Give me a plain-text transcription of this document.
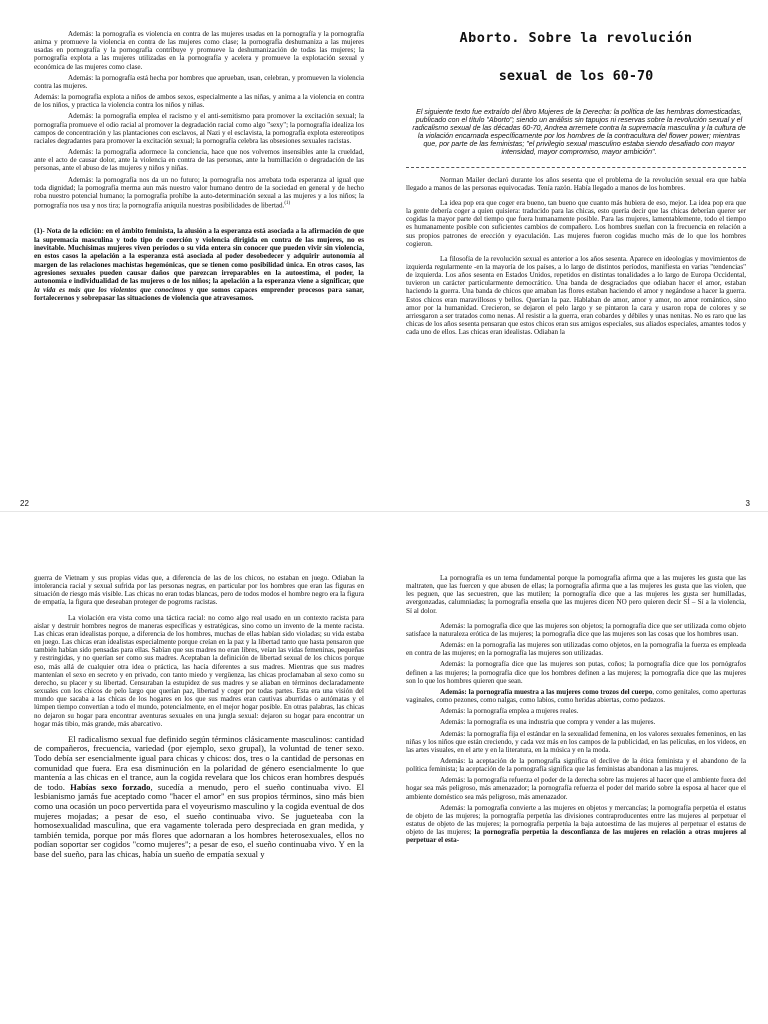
Además: la pornografía es violencia en contra de las mujeres usadas en la pornografía y la pornografía anima y promueve la violencia en contra de las mujeres como clase; la pornografía deshumaniza a las mujeres usadas en pornografía y la pornografía contribuye y promueve la deshumanización de todas las mujeres; la pornografía explota a las mujeres utilizadas en la pornografía y acelera y promueve la explotación sexual y económica de las mujeres como clase.

Además: la pornografía está hecha por hombres que aprueban, usan, celebran, y promueven la violencia contra las mujeres.

Además: la pornografía explota a niños de ambos sexos, especialmente a las niñas, y anima a la violencia en contra de los niños, y practica la violencia contra los niños y niñas.

Además: la pornografía emplea el racismo y el anti-semitismo para promover la excitación sexual; la pornografía promueve el odio racial al promover la degradación racial como algo "sexy"; la pornografía idealiza los campos de concentración y las plantaciones con esclavos, al Nazi y el esclavista, la pornografía explota estereotipos raciales degradantes para promover la excitación sexual; la pornografía celebra las obsesiones sexuales racistas.

Además: la pornografía adormece la conciencia, hace que nos volvemos insensibles ante la crueldad, ante el acto de causar dolor, ante la violencia en contra de las personas, ante la humillación o degradación de las personas, ante el abuso de las mujeres y niños y niñas.

Además: la pornografía nos da un no futuro; la pornografía nos arrebata toda esperanza al igual que toda dignidad; la pornografía merma aun más nuestro valor humano dentro de la sociedad en general y de hecho roba nuestro potencial humano; la pornografía prohíbe la auto-determinación sexual a las mujeres y a los niños; la pornografía nos usa y nos tira; la pornografía aniquila nuestras posibilidades de libertad.$^{(1)}$

(1)- Nota de la edición: en el ámbito feminista, la alusión a la esperanza está asociada a la afirmación de que la supremacía masculina y todo tipo de coerción y violencia dirigida en contra de las mujeres, no es inevitable. Muchísimas mujeres viven períodos o su vida entera sin conocer que pueden vivir sin violencia, en estos casos la apelación a la esperanza está asociada al poder desobedecer y adquirir autonomía al margen de las relaciones machistas hegemónicas, que se tienen como posibilidad única. En otros casos, las agresiones sexuales pueden causar daños que parezcan irreparables en la autoestima, el poder, la autonomía e individualidad de las mujeres o de los niños; la apelación a la esperanza viene a significar, que la vida es más que los violentos que conocimos y que somos capaces emprender procesos para sanar, fortalecernos y sobrepasar las situaciones de violencia que atravesamos.

22
Aborto. Sobre la revolución
sexual de los 60-70

El siguiente texto fue extraído del libro Mujeres de la Derecha: la política de las hembras domesticadas, publicado con el título "Aborto"; siendo un análisis sin tapujos ni reservas sobre la revolución sexual y el radicalismo sexual de las décadas 60-70, Andrea arremete contra la supremacía masculina y la cultura de la violación encarnada específicamente por los hombres de la contracultura del flower power; mientras que, por parte de las feministas; "el privilegio sexual masculino estaba siendo desafiado con mayor intensidad, mayor compromiso, mayor ambición".

Norman Mailer declaró durante los años sesenta que el problema de la revolución sexual era que había llegado a manos de las personas equivocadas. Tenía razón. Había llegado a manos de los hombres.

La idea pop era que coger era bueno, tan bueno que cuanto más hubiera de eso, mejor. La idea pop era que la gente debería coger a quien quisiera: traducido para las chicas, esto quería decir que las chicas deberían querer ser cogidas la mayor parte del tiempo que fuera humanamente posible. Para las mujeres, lamentablemente, todo el tiempo es humanamente posible con suficientes cambios de compañero. Los hombres sueñan con la frecuencia en relación a sus propios patrones de erección y eyaculación. Las mujeres fueron cogidas mucho más de lo que los hombres cogieron.

La filosofía de la revolución sexual es anterior a los años sesenta. Aparece en ideologías y movimientos de izquierda regularmente -en la mayoría de los países, a lo largo de distintos períodos, manifiesta en varias "tendencias" de izquierda. Los años sesenta en Estados Unidos, repetidos en distintas tonalidades a lo largo de Europa Occidental, tuvieron un carácter particularmente democrático. Una banda de desgraciados que odiaban hacer el amor, estaban haciendo la guerra. Una banda de chicos que amaban las flores estaban haciendo el amor y negándose a hacer la guerra. Estos chicos eran maravillosos y bellos. Querían la paz. Hablaban de amor, amor y amor, no amor romántico, sino amor por la humanidad. Crecieron, se dejaron el pelo largo y se pintaron la cara y usaron ropa de colores y se arriesgaron a ser tratados como nenas. Al resistir a la guerra, eran cobardes y débiles y unas nenitas. No es raro que las chicas de los años sesenta pensaran que estos chicos eran sus amigos especiales, sus aliados especiales, amantes todos y cada uno de ellos. Las chicas eran idealistas. Odiaban la

3

guerra de Vietnam y sus propias vidas que, a diferencia de las de los chicos, no estaban en juego. Odiaban la intolerancia racial y sexual sufrida por las personas negras, en particular por los hombres que eran las figuras en situación de riesgo más visible. Las chicas no eran todas blancas, pero de todos modos el hombre negro era la figura de empatía, la figura que deseaban proteger de pogroms racistas.

La violación era vista como una táctica racial: no como algo real usado en un contexto racista para aislar y destruir hombres negros de maneras específicas y estratégicas, sino como un invento de la mente racista. Las chicas eran idealistas porque, a diferencia de los hombres, muchas de ellas habían sido violadas; su vida estaba en juego. Las chicas eran idealistas especialmente porque creían en la paz y la libertad tanto que hasta pensaron que también habían sido pensadas para ellas. Sabían que sus madres no eran libres, veían las vidas femeninas, pequeñas y restringidas, y no querían ser como sus madres. Aceptaban la definición de libertad sexual de los chicos porque eso, más allá de cualquier otra idea o práctica, las hacía diferentes a sus madres. Mientras que sus madres mantenían el sexo en secreto y en privado, con tanto miedo y vergüenza, las chicas proclamaban al sexo como su derecho, su placer y su libertad. Censuraban la estupidez de sus madres y se aliaban en términos declaradamente sexuales con los chicos de pelo largo que querían paz, libertad y coger por todas partes. Esta era una visión del mundo que sacaba a las chicas de los hogares en los que sus madres eran cautivas aburridas o autómatas y el lúmpen tiempo convertían a todo el mundo, potencialmente, en el mejor hogar posible. En otras palabras, las chicas no dejaron su hogar para encontrar aventuras sexuales en una jungla sexual: dejaron su hogar para encontrar un hogar más tibio, más grande, más abarcativo.

El radicalismo sexual fue definido según términos clásicamente masculinos: cantidad de compañeros, frecuencia, variedad (por ejemplo, sexo grupal), la voluntad de tener sexo. Todo debía ser esencialmente igual para chicas y chicos: dos, tres o la cantidad de personas en comunidad que fuera. Era esa disminución en la polaridad de género esencialmente lo que mantenía a las chicas en el trance, aun la cogida revelara que los chicos eran hombres después de todo. Habías sexo forzado, sucedía a menudo, pero el sueño continuaba vivo. El lesbianismo jamás fue aceptado como "hacer el amor" en sus propios términos, sino más bien como una ocasión un poco pervertida para el voyeurismo masculino y la cogida eventual de dos mujeres mojadas; a pesar de eso, el sueño continuaba vivo. Se jugueteaba con la homosexualidad masculina, que era vagamente tolerada pero despreciada en gran medida, y también temida, porque por más flores que adornaran a los hombres heterosexuales, ellos no podían soportar ser cogidos "como mujeres"; a pesar de eso, el sueño continuaba vivo. Y en la base del sueño, para las chicas, había un sueño de empatía sexual y

La pornografía es un tema fundamental porque la pornografía afirma que a las mujeres les gusta que las maltraten, que las fuercen y que abusen de ellas; la pornografía afirma que a las mujeres les gusta que las violen, que les peguen, que las secuestren, que las mutilen; la pornografía dice que a las mujeres les gusta ser humilladas, avergonzadas, calumniadas; la pornografía enseña que las mujeres dicen NO pero quieren decir SÍ – Sí a la violencia, Sí al dolor.

Además: la pornografía dice que las mujeres son objetos; la pornografía dice que ser utilizada como objeto satisface la naturaleza erótica de las mujeres; la pornografía dice que las mujeres son las cosas que los hombres usan.

Además: en la pornografía las mujeres son utilizadas como objetos, en la pornografía la fuerza es empleada en contra de las mujeres; en la pornografía las mujeres son utilizadas.

Además: la pornografía dice que las mujeres son putas, coños; la pornografía dice que los pornógrafos definen a las mujeres; la pornografía dice que los hombres definen a las mujeres; la pornografía dice que las mujeres son lo que los hombres quieren que sean.

Además: la pornografía muestra a las mujeres como trozos del cuerpo, como genitales, como aperturas vaginales, como pezones, como nalgas, como labios, como heridas abiertas, como pedazos.

Además: la pornografía emplea a mujeres reales.

Además: la pornografía es una industria que compra y vender a las mujeres.

Además: la pornografía fija el estándar en la sexualidad femenina, en los valores sexuales femeninos, en las niñas y los niños que están creciendo, y cada vez más en los campos de la publicidad, en las películas, en los videos, en las artes visuales, en el arte y en la literatura, en la música y en la moda.

Además: la aceptación de la pornografía significa el declive de la ética feminista y el abandono de la política feminista; la aceptación de la pornografía significa que las feministas abandonan a las mujeres.

Además: la pornografía refuerza el poder de la derecha sobre las mujeres al hacer que el ambiente fuera del hogar sea más peligroso, más amenazador; la pornografía refuerza el poder del marido sobre la esposa al hacer que el ambiente doméstico sea más peligroso, más amenazador.

Además: la pornografía convierte a las mujeres en objetos y mercancías; la pornografía perpetúa el estatus de objeto de las mujeres; la pornografía perpetúa las divisiones contraproducentes entre las mujeres al perpetuar el estatus de objeto de las mujeres; la pornografía perpetúa la baja autoestima de las mujeres al perpetuar el estatus de objeto de las mujeres; la pornografía perpetúa la desconfianza de las mujeres en relación a otras mujeres al perpetuar el esta-
